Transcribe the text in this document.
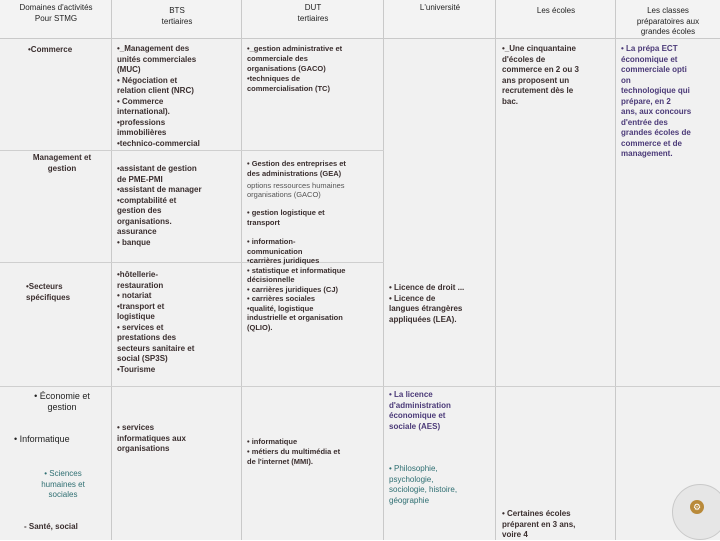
Domaines d'activités
Pour STMG
BTS
tertiaires
DUT
tertiaires
L'université	Les écoles	Les classes
préparatoires aux
grandes écoles
•Commerce
Management et
gestion
•Secteurs
spécifiques
• Économie et
gestion
• Informatique
• Sciences
humaines et
sociales
- Santé, social
•_Management des
unités commerciales
(MUC)
• Négociation et
relation client (NRC)
• Commerce
international).
•professions
immobilières
•technico-commercial
•assistant de gestion
de PME-PMI
•assistant de manager
•comptabilité et
gestion des
organisations.
assurance
• banque
•hôtellerie-
restauration
• notariat
•transport et
logistique
• services et
prestations des
secteurs sanitaire et
social (SP3S)
•Tourisme
• services
informatiques aux
organisations
•_gestion administrative et
commerciale des
organisations (GACO)
•techniques de
commercialisation (TC)
• Gestion des entreprises et
des administrations (GEA)
options ressources humaines
organisations (GACO)
• gestion logistique et
transport
• information-
communication
•carrières juridiques
• statistique et informatique
décisionnelle
• carrières juridiques (CJ)
• carrières sociales
•qualité, logistique
industrielle et organisation
(QLIO).
• informatique
• métiers du multimédia et
de l'internet (MMI).
• Licence de droit ...
• Licence de
langues étrangères
appliquées (LEA).
• La licence
d'administration
économique et
sociale (AES)
• Philosophie,
psychologie,
sociologie, histoire,
géographie
•_Une cinquantaine
d'écoles de
commerce en 2 ou 3
ans proposent un
recrutement dès le
bac.
• Certaines écoles
préparent en 3 ans,
voire 4
• La prépa ECT
économique et
commerciale opti
on
technologique qui
prépare, en 2
ans, aux concours
d'entrée des
grandes écoles de
commerce et de
management.
⚙
